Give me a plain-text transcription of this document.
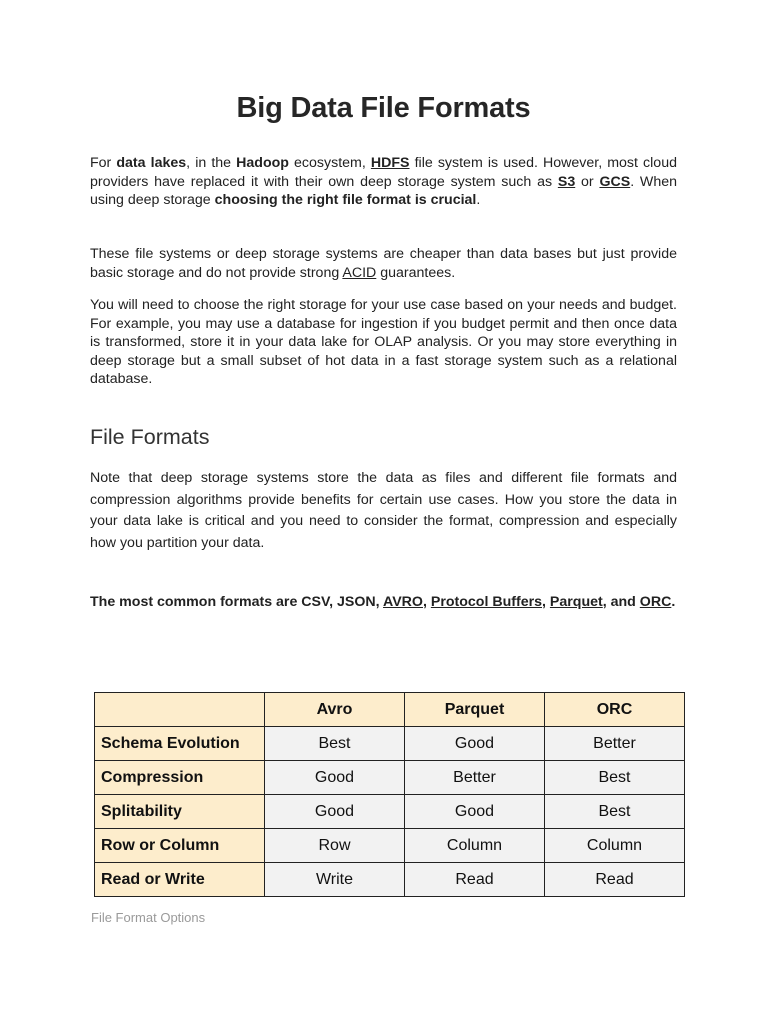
Big Data File Formats
For data lakes, in the Hadoop ecosystem, HDFS file system is used. However, most cloud providers have replaced it with their own deep storage system such as S3 or GCS. When using deep storage choosing the right file format is crucial.
These file systems or deep storage systems are cheaper than data bases but just provide basic storage and do not provide strong ACID guarantees.
You will need to choose the right storage for your use case based on your needs and budget. For example, you may use a database for ingestion if you budget permit and then once data is transformed, store it in your data lake for OLAP analysis. Or you may store everything in deep storage but a small subset of hot data in a fast storage system such as a relational database.
File Formats
Note that deep storage systems store the data as files and different file formats and compression algorithms provide benefits for certain use cases. How you store the data in your data lake is critical and you need to consider the format, compression and especially how you partition your data.
The most common formats are CSV, JSON, AVRO, Protocol Buffers, Parquet, and ORC.
	Avro	Parquet	ORC
Schema Evolution	Best	Good	Better
Compression	Good	Better	Best
Splitability	Good	Good	Best
Row or Column	Row	Column	Column
Read or Write	Write	Read	Read
File Format Options
